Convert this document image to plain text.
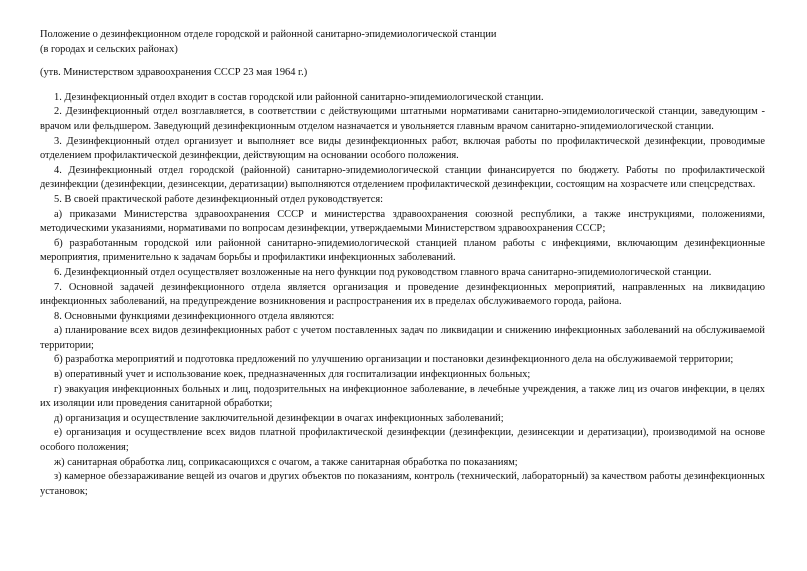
Положение о дезинфекционном отделе городской и районной санитарно-эпидемиологической станции

(в городах и сельских районах)

(утв. Министерством здравоохранения СССР 23 мая 1964 г.)

1. Дезинфекционный отдел входит в состав городской или районной санитарно-эпидемиологической станции.

2. Дезинфекционный отдел возглавляется, в соответствии с действующими штатными нормативами санитарно-эпидемиологической станции, заведующим - врачом или фельдшером. Заведующий дезинфекционным отделом назначается и увольняется главным врачом санитарно-эпидемиологической станции.

3. Дезинфекционный отдел организует и выполняет все виды дезинфекционных работ, включая работы по профилактической дезинфекции, проводимые отделением профилактической дезинфекции, действующим на основании особого положения.

4. Дезинфекционный отдел городской (районной) санитарно-эпидемиологической станции финансируется по бюджету. Работы по профилактической дезинфекции (дезинфекции, дезинсекции, дератизации) выполняются отделением профилактической дезинфекции, состоящим на хозрасчете или спецсредствах.

5. В своей практической работе дезинфекционный отдел руководствуется:

а) приказами Министерства здравоохранения СССР и министерства здравоохранения союзной республики, а также инструкциями, положениями, методическими указаниями, нормативами по вопросам дезинфекции, утверждаемыми Министерством здравоохранения СССР;

б) разработанным городской или районной санитарно-эпидемиологической станцией планом работы с инфекциями, включающим дезинфекционные мероприятия, применительно к задачам борьбы и профилактики инфекционных заболеваний.

6. Дезинфекционный отдел осуществляет возложенные на него функции под руководством главного врача санитарно-эпидемиологической станции.

7. Основной задачей дезинфекционного отдела является организация и проведение дезинфекционных мероприятий, направленных на ликвидацию инфекционных заболеваний, на предупреждение возникновения и распространения их в пределах обслуживаемого города, района.

8. Основными функциями дезинфекционного отдела являются:

а) планирование всех видов дезинфекционных работ с учетом поставленных задач по ликвидации и снижению инфекционных заболеваний на обслуживаемой территории;

б) разработка мероприятий и подготовка предложений по улучшению организации и постановки дезинфекционного дела на обслуживаемой территории;

в) оперативный учет и использование коек, предназначенных для госпитализации инфекционных больных;

г) эвакуация инфекционных больных и лиц, подозрительных на инфекционное заболевание, в лечебные учреждения, а также лиц из очагов инфекции, в целях их изоляции или проведения санитарной обработки;

д) организация и осуществление заключительной дезинфекции в очагах инфекционных заболеваний;

е) организация и осуществление всех видов платной профилактической дезинфекции (дезинфекции, дезинсекции и дератизации), производимой на основе особого положения;

ж) санитарная обработка лиц, соприкасающихся с очагом, а также санитарная обработка по показаниям;

з) камерное обеззараживание вещей из очагов и других объектов по показаниям, контроль (технический, лабораторный) за качеством работы дезинфекционных установок;
